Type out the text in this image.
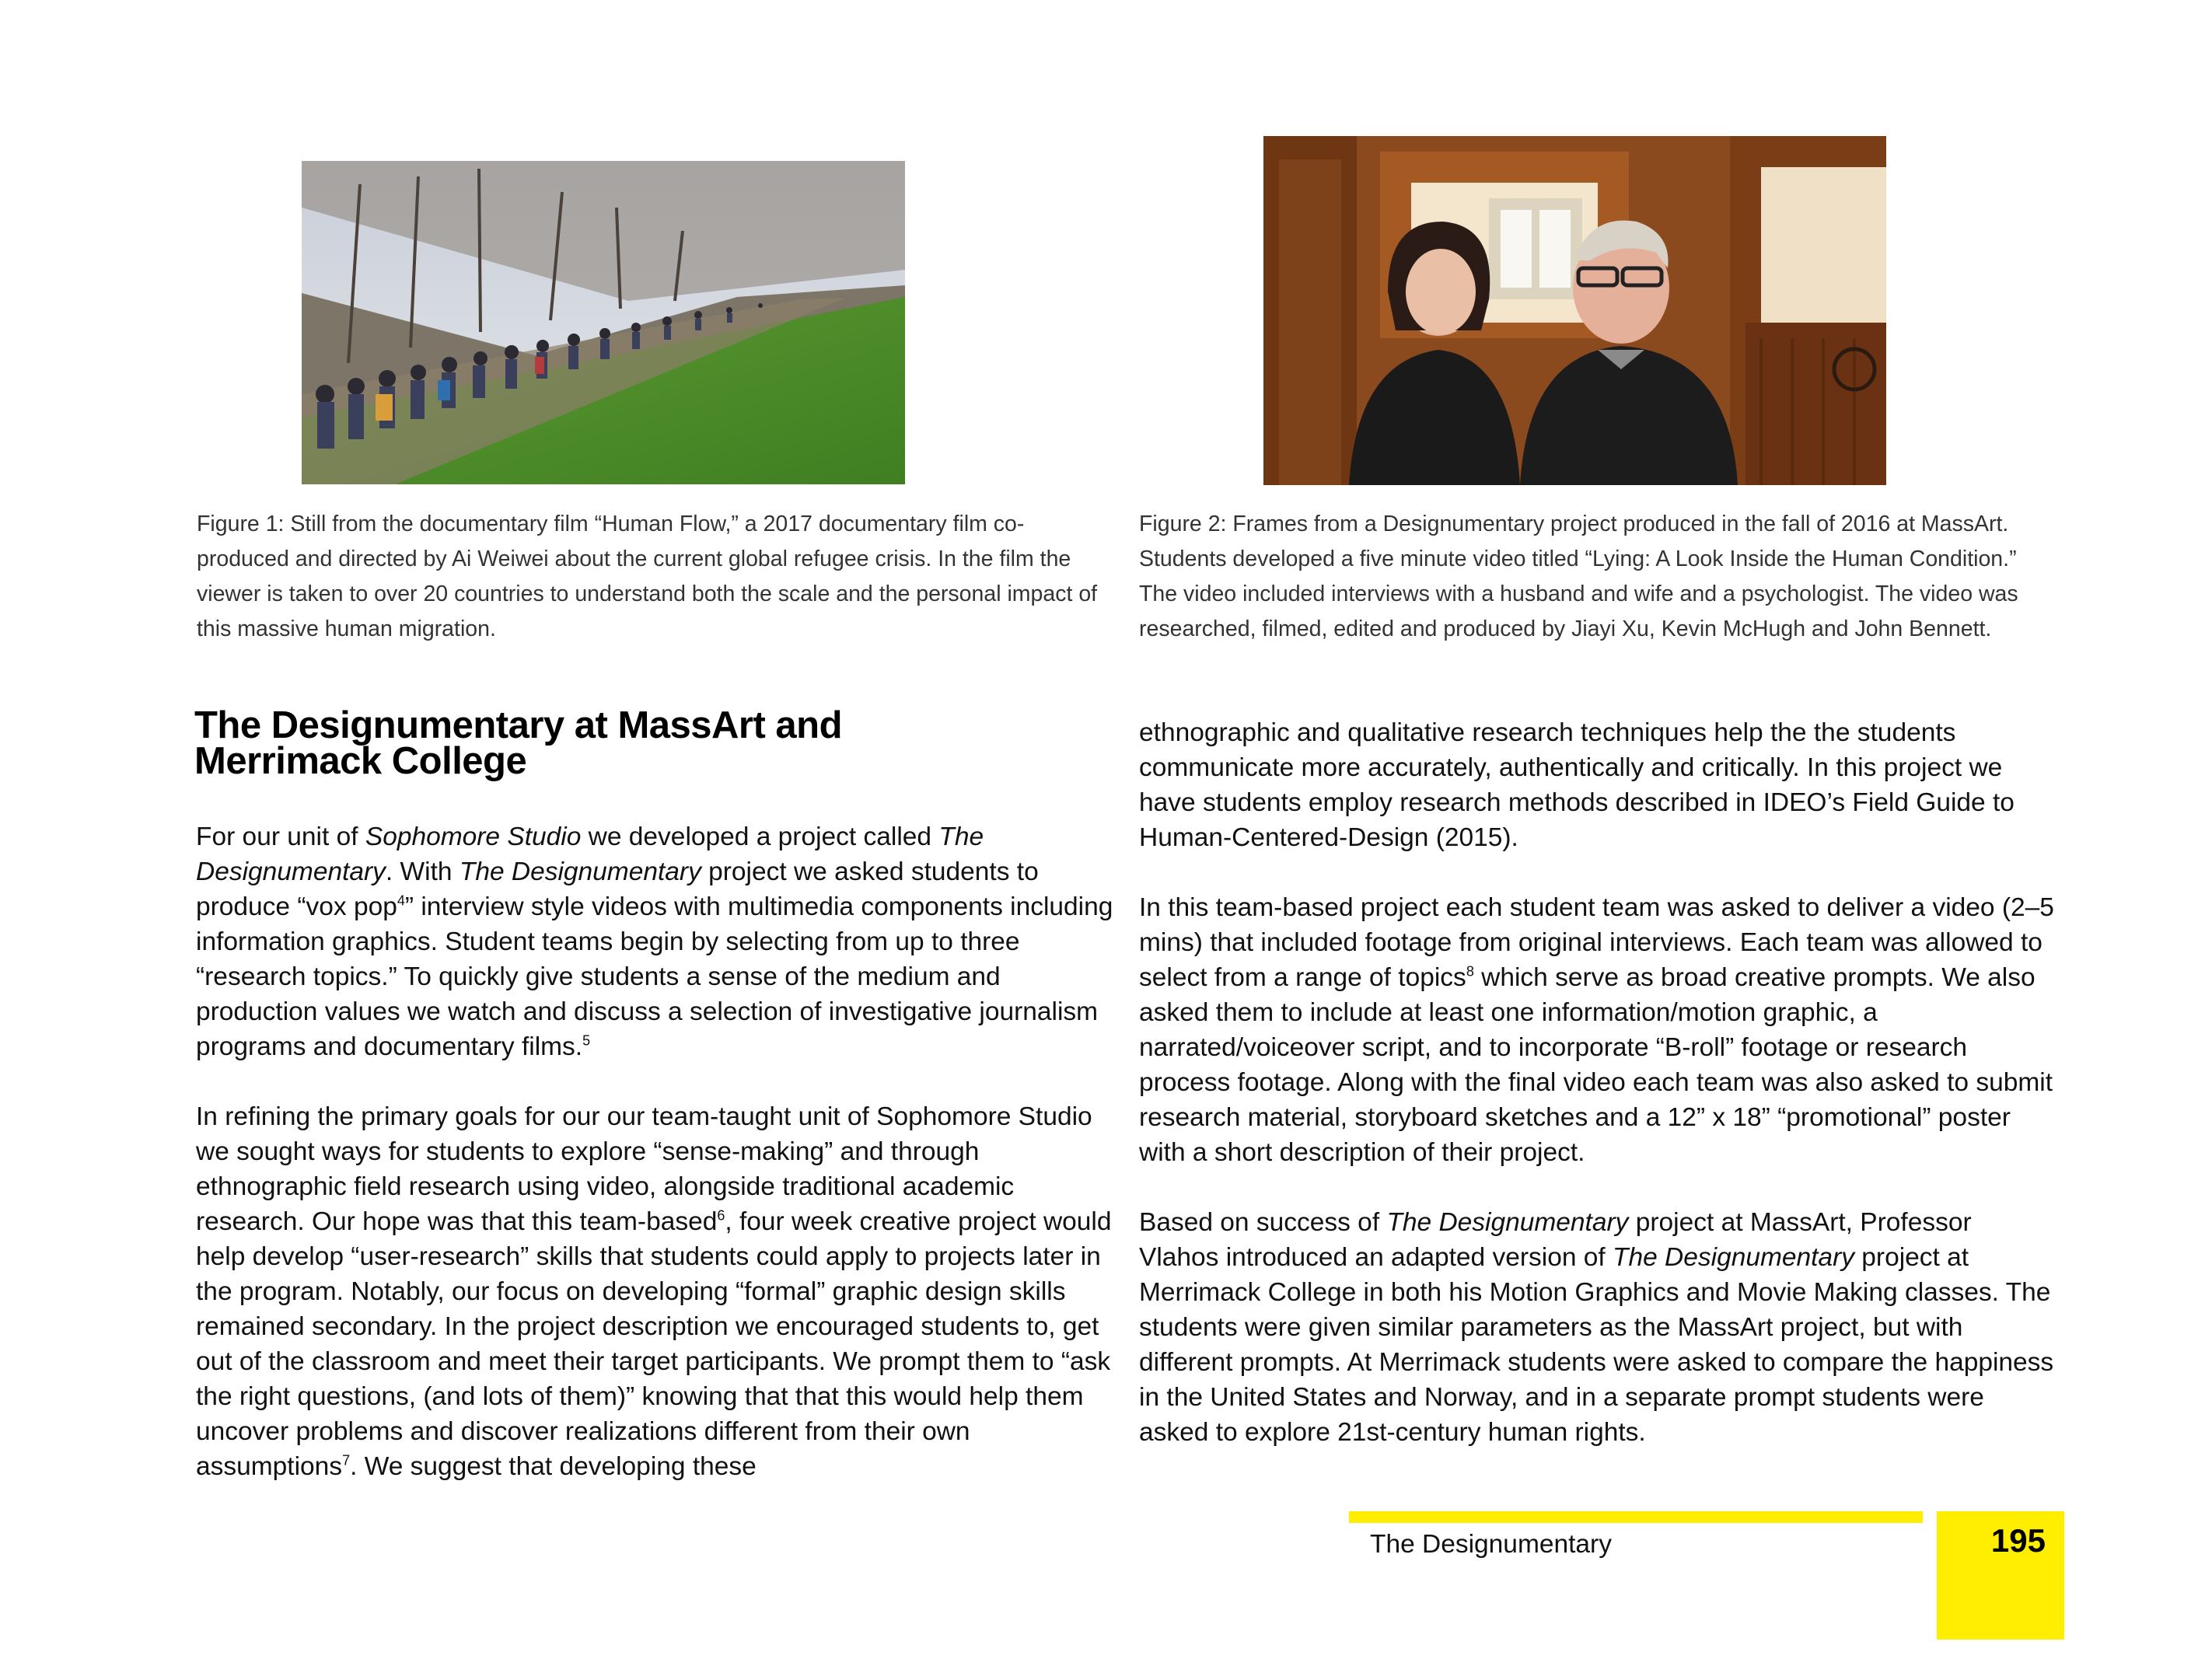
Figure 1: Still from the documentary film “Human Flow,” a 2017 documentary film co-produced and directed by Ai Weiwei about the current global refugee crisis. In the film the viewer is taken to over 20 countries to understand both the scale and the personal impact of this massive human migration.
Figure 2: Frames from a Designumentary project produced in the fall of 2016 at MassArt. Students developed a five minute video titled “Lying: A Look Inside the Human Condition.” The video included interviews with a husband and wife and a psychologist. The video was researched, filmed, edited and produced by Jiayi Xu, Kevin McHugh and John Bennett.
The Designumentary at MassArt and
Merrimack College

For our unit of Sophomore Studio we developed a project called The Designumentary. With The Designumentary project we asked students to produce “vox pop$^4$” interview style videos with multimedia components including information graphics. Student teams begin by selecting from up to three “research topics.” To quickly give students a sense of the medium and production values we watch and discuss a selection of investigative journalism programs and documentary films.$^5$

In refining the primary goals for our our team-taught unit of Sophomore Studio we sought ways for students to explore “sense-making” and through ethnographic field research using video, alongside traditional academic research. Our hope was that this team-based$^6$, four week creative project would help develop “user-research” skills that students could apply to projects later in the program. Notably, our focus on developing “formal” graphic design skills remained secondary. In the project description we encouraged students to, get out of the classroom and meet their target participants. We prompt them to “ask the right questions, (and lots of them)” knowing that that this would help them uncover problems and discover realizations different from their own assumptions$^7$. We suggest that developing these

ethnographic and qualitative research techniques help the the students communicate more accurately, authentically and critically. In this project we have students employ research methods described in IDEO’s Field Guide to Human-Centered-Design (2015).

In this team-based project each student team was asked to deliver a video (2–5 mins) that included footage from original interviews. Each team was allowed to select from a range of topics$^8$ which serve as broad creative prompts. We also asked them to include at least one information/motion graphic, a narrated/voiceover script, and to incorporate “B-roll” footage or research process footage. Along with the final video each team was also asked to submit research material, storyboard sketches and a 12” x 18” “promotional” poster with a short description of their project.

Based on success of The Designumentary project at MassArt, Professor Vlahos introduced an adapted version of The Designumentary project at Merrimack College in both his Motion Graphics and Movie Making classes. The students were given similar parameters as the MassArt project, but with different prompts. At Merrimack students were asked to compare the happiness in the United States and Norway, and in a separate prompt students were asked to explore 21st-century human rights.

The Designumentary	195
